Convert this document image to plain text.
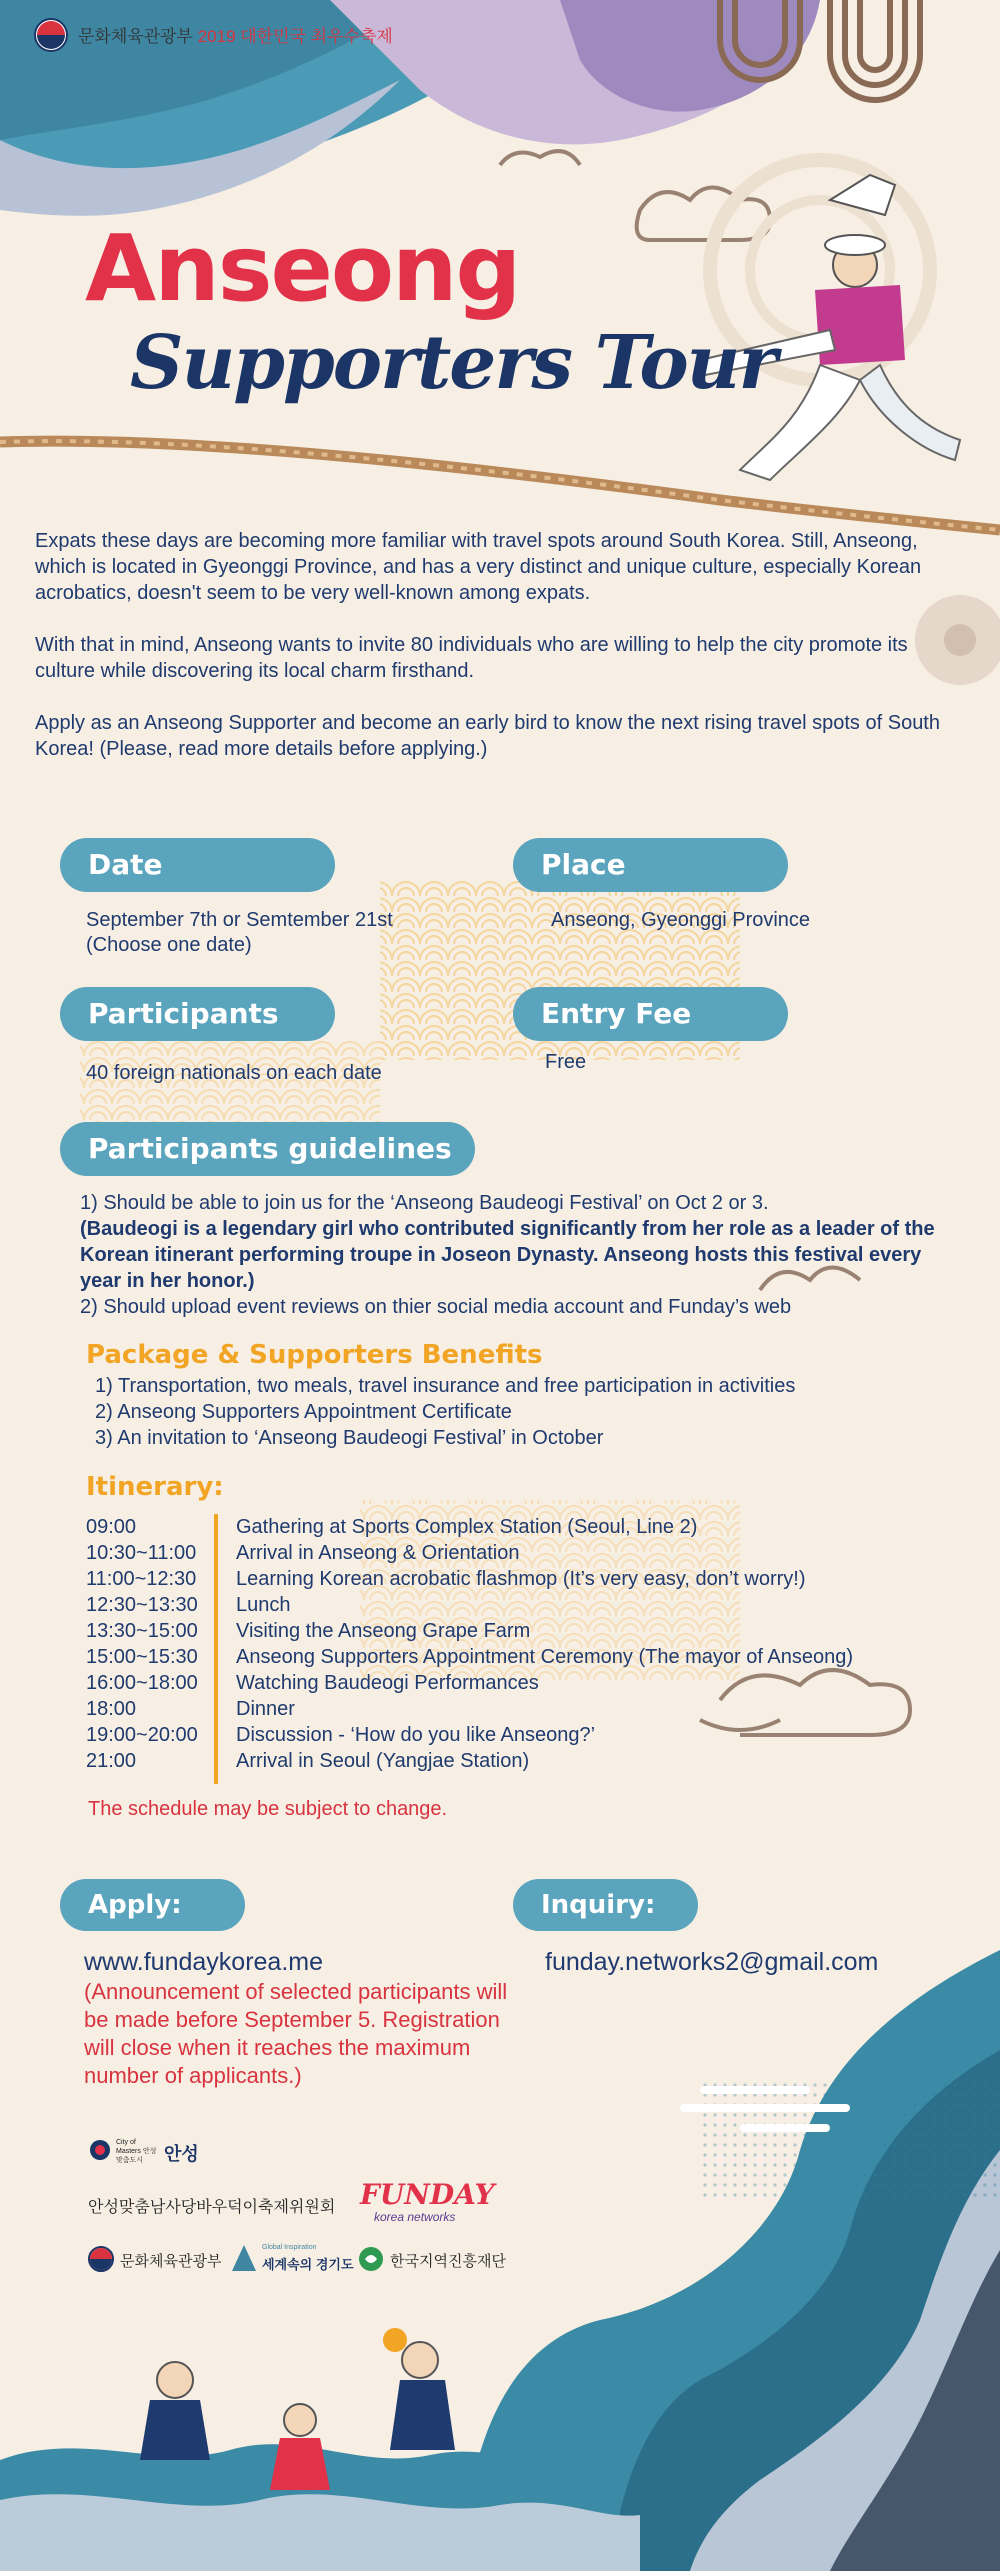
문화체육관광부 2019 대한민국 최우수축제
Anseong
Supporters Tour

Expats these days are becoming more familiar with travel spots around South Korea. Still, Anseong, which is located in Gyeonggi Province, and has a very distinct and unique culture, especially Korean acrobatics, doesn't seem to be very well-known among expats.

With that in mind, Anseong wants to invite 80 individuals who are willing to help the city promote its culture while discovering its local charm firsthand.

Apply as an Anseong Supporter and become an early bird to know the next rising travel spots of South Korea! (Please, read more details before applying.)

Date
September 7th or Semtember 21st
(Choose one date)
Place
Anseong, Gyeonggi Province
Participants
40 foreign nationals on each date
Entry Fee
Free
Participants guidelines
1) Should be able to join us for the ‘Anseong Baudeogi Festival’ on Oct 2 or 3.
(Baudeogi is a legendary girl who contributed significantly from her role as a leader of the Korean itinerant performing troupe in Joseon Dynasty. Anseong hosts this festival every year in her honor.)
2) Should upload event reviews on thier social media account and Funday’s web
Package & Supporters Benefits
1) Transportation, two meals, travel insurance and free participation in activities
2) Anseong Supporters Appointment Certificate
3) An invitation to ‘Anseong Baudeogi Festival’ in October
Itinerary:
09:00	Gathering at Sports Complex Station (Seoul, Line 2)
10:30~11:00	Arrival in Anseong & Orientation
11:00~12:30	Learning Korean acrobatic flashmop (It’s very easy, don’t worry!)
12:30~13:30	Lunch
13:30~15:00	Visiting the Anseong Grape Farm
15:00~15:30	Anseong Supporters Appointment Ceremony (The mayor of Anseong)
16:00~18:00	Watching Baudeogi Performances
18:00	Dinner
19:00~20:00	Discussion - ‘How do you like Anseong?’
21:00	Arrival in Seoul (Yangjae Station)
The schedule may be subject to change.
Apply:
www.fundaykorea.me
(Announcement of selected participants will be made before September 5. Registration will close when it reaches the maximum number of applicants.)
Inquiry:
funday.networks2@gmail.com
City of Masters 안성맞춤도시	안성
안성맞춤남사당바우덕이축제위원회 FUNDAY
korea networks
문화체육관광부
Global Inspiration
세계속의 경기도 한국지역진흥재단
